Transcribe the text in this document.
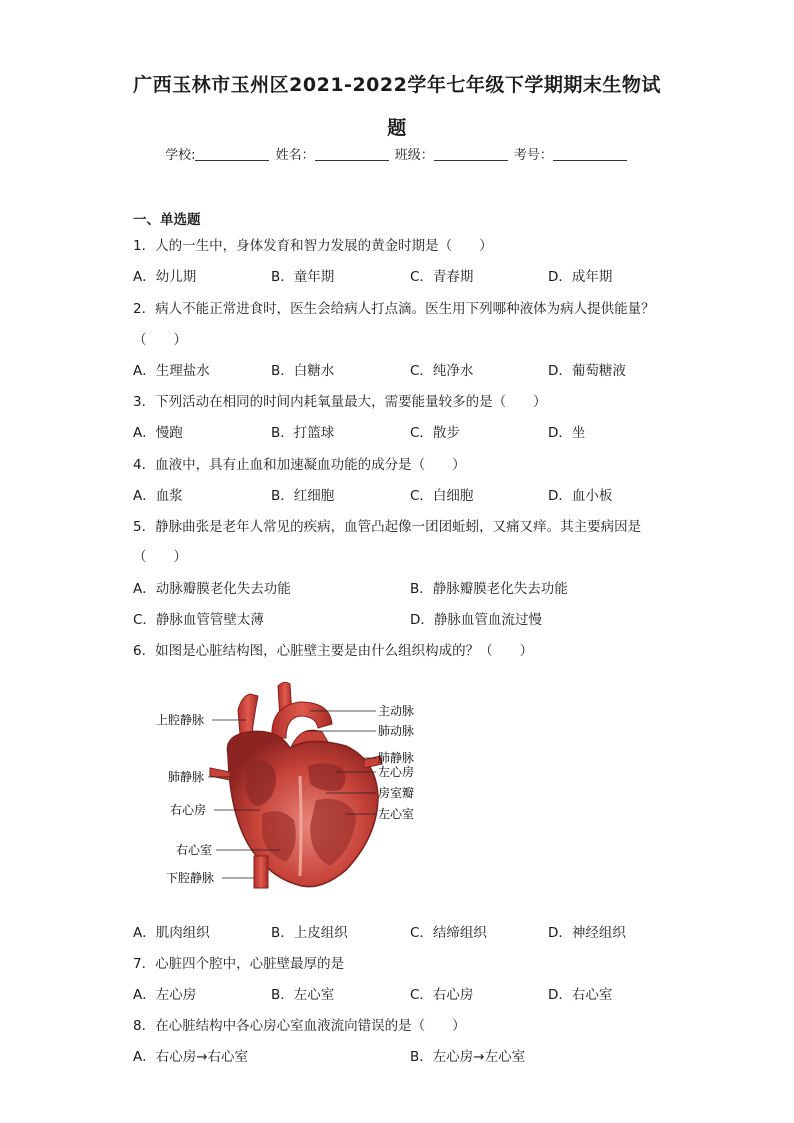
广西玉林市玉州区2021-2022学年七年级下学期期末生物试
题
学校:	姓名：	班级：	考号：
一、单选题
1．人的一生中，身体发育和智力发展的黄金时期是（　　）
A．幼儿期	B．童年期	C．青春期	D．成年期
2．病人不能正常进食时，医生会给病人打点滴。医生用下列哪种液体为病人提供能量？
（　　）
A．生理盐水	B．白糖水	C．纯净水	D．葡萄糖液
3．下列活动在相同的时间内耗氧量最大，需要能量较多的是（　　）
A．慢跑	B．打篮球	C．散步	D．坐
4．血液中，具有止血和加速凝血功能的成分是（　　）
A．血浆	B．红细胞	C．白细胞	D．血小板
5．静脉曲张是老年人常见的疾病，血管凸起像一团团蚯蚓，又痛又痒。其主要病因是
（　　）
A．动脉瓣膜老化失去功能	B．静脉瓣膜老化失去功能
C．静脉血管管壁太薄	D．静脉血管血流过慢
6．如图是心脏结构图，心脏壁主要是由什么组织构成的？（　　）
上腔静脉
肺静脉
右心房
右心室
下腔静脉
主动脉
肺动脉
肺静脉
左心房
房室瓣
左心室
A．肌肉组织	B．上皮组织	C．结缔组织	D．神经组织
7．心脏四个腔中，心脏壁最厚的是
A．左心房	B．左心室	C．右心房	D．右心室
8．在心脏结构中各心房心室血液流向错误的是（　　）
A．右心房→右心室	B．左心房→左心室
